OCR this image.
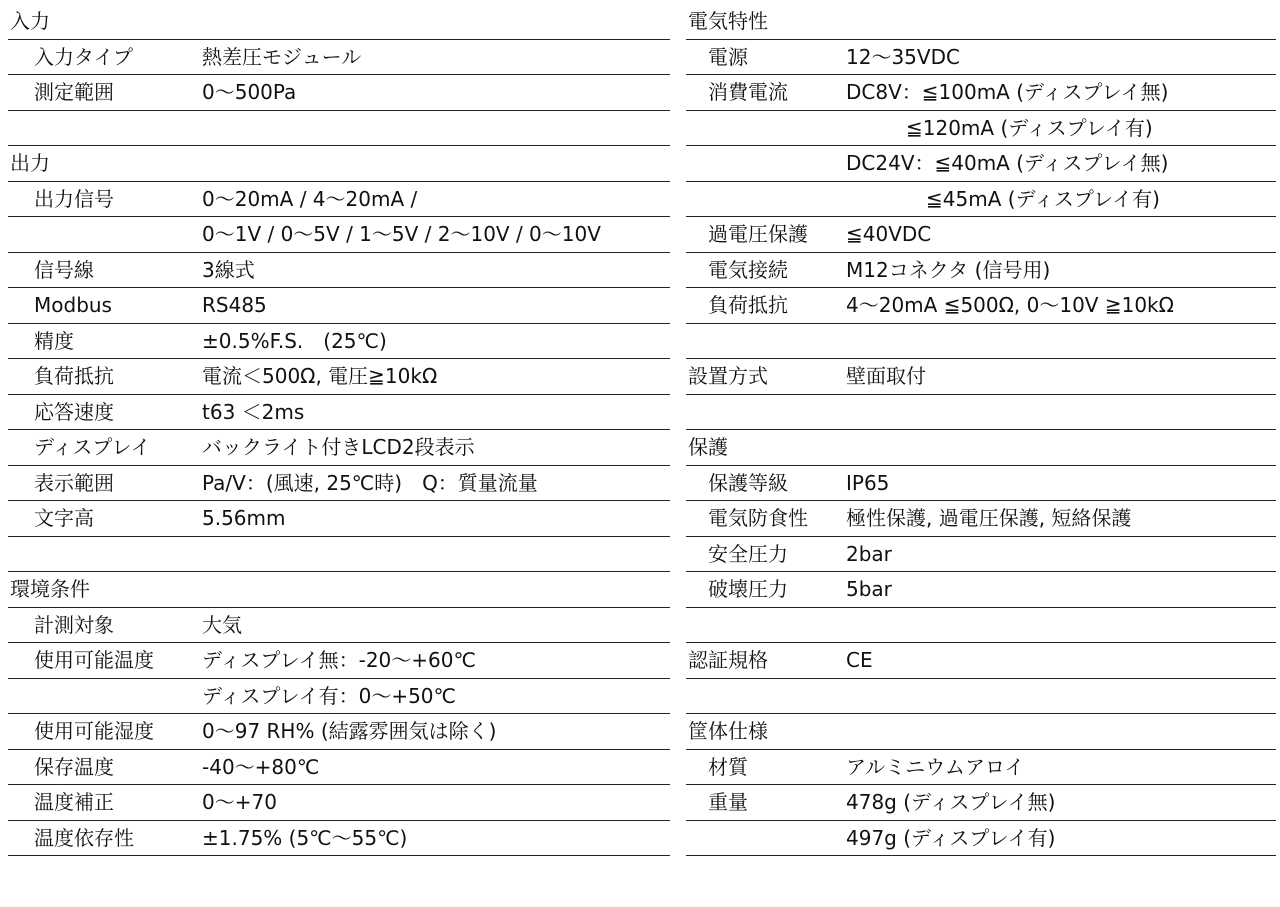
入力
入力タイプ	熱差圧モジュール
測定範囲	0～500Pa
出力
出力信号	0～20mA / 4～20mA /
0～1V / 0～5V / 1～5V / 2～10V / 0～10V
信号線	3線式
Modbus	RS485
精度	±0.5%F.S.　(25℃)
負荷抵抗	電流＜500Ω, 電圧≧10kΩ
応答速度	t63 ＜2ms
ディスプレイ	バックライト付きLCD2段表示
表示範囲	Pa/V：(風速, 25℃時)　Q：質量流量
文字高	5.56mm
環境条件
計測対象	大気
使用可能温度 ディスプレイ無：-20～+60℃
ディスプレイ有：0～+50℃
使用可能湿度 0～97 RH% (結露雰囲気は除く)
保存温度	-40～+80℃
温度補正	0～+70
温度依存性	±1.75% (5℃～55℃)
電気特性
電源	12～35VDC
消費電流	DC8V：≦100mA (ディスプレイ無)
　　　≦120mA (ディスプレイ有)
DC24V：≦40mA (ディスプレイ無)
　　　　≦45mA (ディスプレイ有)
過電圧保護 ≦40VDC
電気接続	M12コネクタ (信号用)
負荷抵抗	4～20mA ≦500Ω, 0～10V ≧10kΩ
設置方式	壁面取付
保護
保護等級	IP65
電気防食性 極性保護, 過電圧保護, 短絡保護
安全圧力	2bar
破壊圧力	5bar
認証規格	CE
筐体仕様
材質	アルミニウムアロイ
重量	478g (ディスプレイ無)
497g (ディスプレイ有)
